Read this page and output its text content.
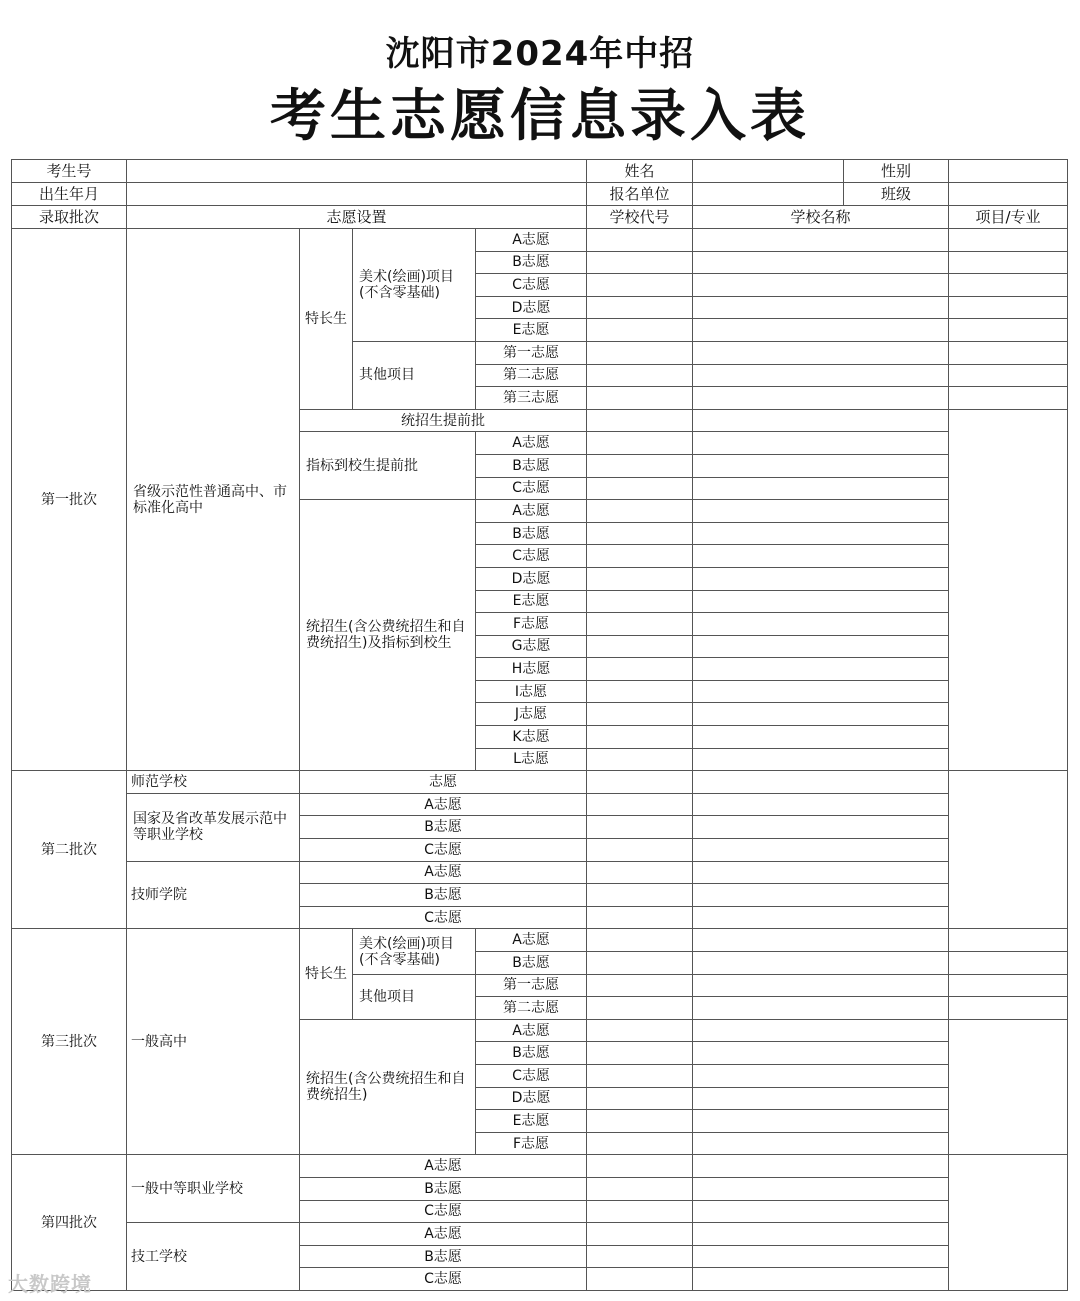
沈阳市2024年中招
考生志愿信息录入表
考生号					姓名		性别	
出生年月					报名单位		班级	
录取批次	志愿设置				学校代号	学校名称		项目/专业
第一批次	省级示范性普通高中、市标准化高中	特长生	美术(绘画)项目(不含零基础)	A志愿				
				B志愿				
				C志愿				
				D志愿				
				E志愿				
			其他项目	第一志愿				
				第二志愿				
				第三志愿				
		统招生提前批						
		指标到校生提前批		A志愿				
				B志愿				
				C志愿				
		统招生(含公费统招生和自费统招生)及指标到校生		A志愿				
				B志愿				
				C志愿				
				D志愿				
				E志愿				
				F志愿				
				G志愿				
				H志愿				
				I志愿				
				J志愿				
				K志愿				
				L志愿				
第二批次	师范学校	志愿						
	国家及省改革发展示范中等职业学校	A志愿						
		B志愿						
		C志愿						
	技师学院	A志愿						
		B志愿						
		C志愿						
第三批次	一般高中	特长生	美术(绘画)项目(不含零基础)	A志愿				
				B志愿				
			其他项目	第一志愿				
				第二志愿				
		统招生(含公费统招生和自费统招生)		A志愿				
				B志愿				
				C志愿				
				D志愿				
				E志愿				
				F志愿				
第四批次	一般中等职业学校	A志愿						
		B志愿						
		C志愿						
	技工学校	A志愿						
		B志愿						
		C志愿						
大数跨境
